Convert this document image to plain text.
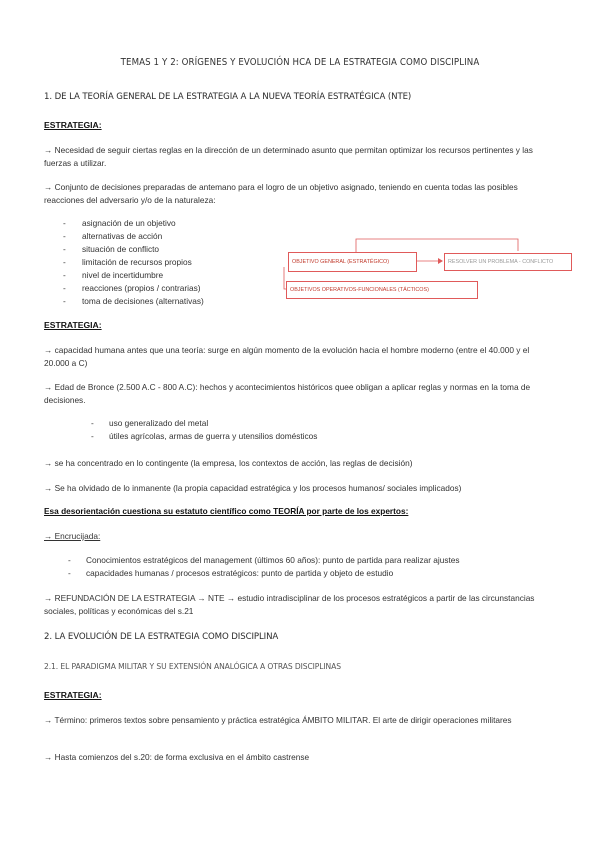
TEMAS 1 Y 2: ORÍGENES Y EVOLUCIÓN HCA DE LA ESTRATEGIA COMO DISCIPLINA
1. DE LA TEORÍA GENERAL DE LA ESTRATEGIA A LA NUEVA TEORÍA ESTRATÉGICA (NTE)
ESTRATEGIA:
→ Necesidad de seguir ciertas reglas en la dirección de un determinado asunto que permitan optimizar los recursos pertinentes y las fuerzas a utilizar.
→ Conjunto de decisiones preparadas de antemano para el logro de un objetivo asignado, teniendo en cuenta todas las posibles reacciones del adversario y/o de la naturaleza:
- asignación de un objetivo
- alternativas de acción
- situación de conflicto
- limitación de recursos propios
- nivel de incertidumbre
- reacciones (propios / contrarias)
- toma de decisiones (alternativas)
OBJETIVO GENERAL (ESTRATÉGICO)	RESOLVER UN PROBLEMA - CONFLICTO
OBJETIVOS OPERATIVOS-FUNCIONALES (TÁCTICOS)
ESTRATEGIA:
→ capacidad humana antes que una teoría: surge en algún momento de la evolución hacia el hombre moderno (entre el 40.000 y el 20.000 a C)
→ Edad de Bronce (2.500 A.C - 800 A.C): hechos y acontecimientos históricos quee obligan a aplicar reglas y normas en la toma de decisiones.
- uso generalizado del metal
- útiles agrícolas, armas de guerra y utensilios domésticos
→ se ha concentrado en lo contingente (la empresa, los contextos de acción, las reglas de decisión)
→ Se ha olvidado de lo inmanente (la propia capacidad estratégica y los procesos humanos/ sociales implicados)
Esa desorientación cuestiona su estatuto científico como TEORÍA por parte de los expertos:
→ Encrucijada:
- Conocimientos estratégicos del management (últimos 60 años): punto de partida para realizar ajustes
- capacidades humanas / procesos estratégicos: punto de partida y objeto de estudio
→ REFUNDACIÓN DE LA ESTRATEGIA → NTE → estudio intradisciplinar de los procesos estratégicos a partir de las circunstancias sociales, políticas y económicas del s.21
2. LA EVOLUCIÓN DE LA ESTRATEGIA COMO DISCIPLINA
2.1. EL PARADIGMA MILITAR Y SU EXTENSIÓN ANALÓGICA A OTRAS DISCIPLINAS
ESTRATEGIA:
→ Término: primeros textos sobre pensamiento y práctica estratégica ÁMBITO MILITAR. El arte de dirigir operaciones militares
→ Hasta comienzos del s.20: de forma exclusiva en el ámbito castrense
